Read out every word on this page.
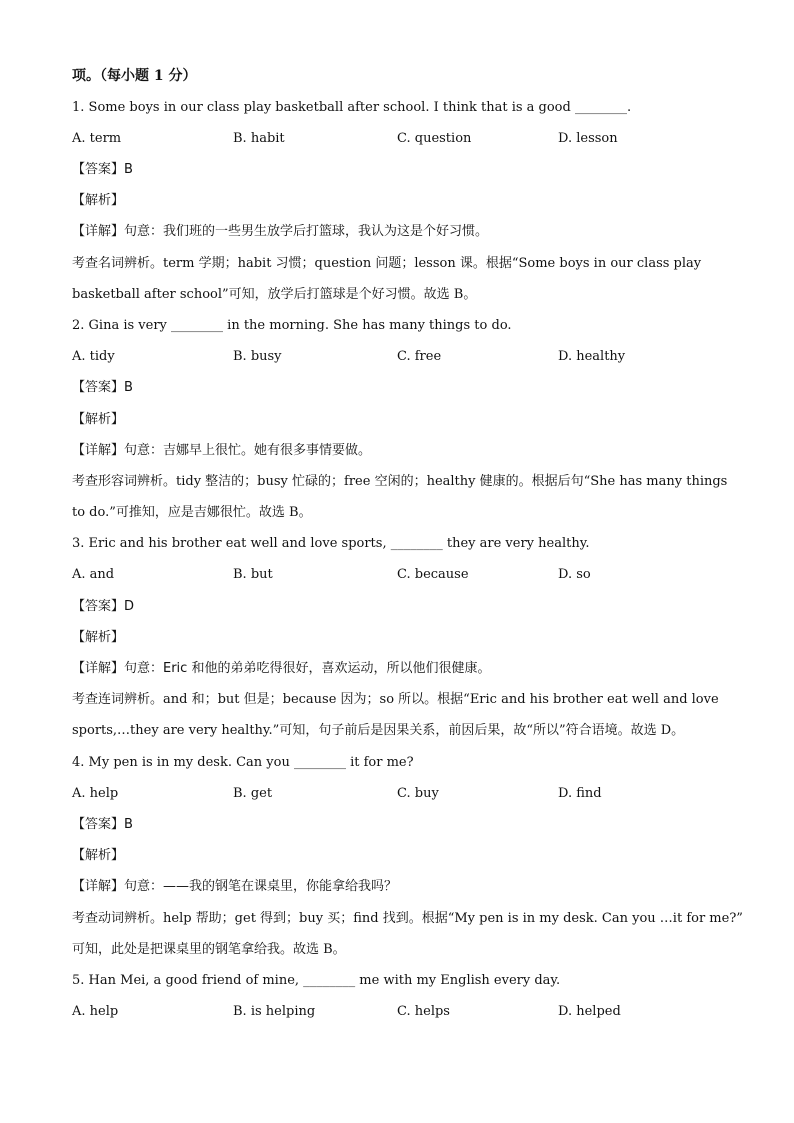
项。（每小题 1 分）
1. Some boys in our class play basketball after school. I think that is a good ________.
A. term	B. habit	C. question	D. lesson
【答案】B
【解析】
【详解】句意：我们班的一些男生放学后打篮球，我认为这是个好习惯。
考查名词辨析。term 学期；habit 习惯；question 问题；lesson 课。根据“Some boys in our class play
basketball after school”可知，放学后打篮球是个好习惯。故选 B。
2. Gina is very ________ in the morning. She has many things to do.
A. tidy	B. busy	C. free	D. healthy
【答案】B
【解析】
【详解】句意：吉娜早上很忙。她有很多事情要做。
考查形容词辨析。tidy 整洁的；busy 忙碌的；free 空闲的；healthy 健康的。根据后句“She has many things
to do.”可推知，应是吉娜很忙。故选 B。
3. Eric and his brother eat well and love sports, ________ they are very healthy.
A. and	B. but	C. because	D. so
【答案】D
【解析】
【详解】句意：Eric 和他的弟弟吃得很好，喜欢运动，所以他们很健康。
考查连词辨析。and 和；but 但是；because 因为；so 所以。根据“Eric and his brother eat well and love
sports,…they are very healthy.”可知，句子前后是因果关系，前因后果，故“所以”符合语境。故选 D。
4. My pen is in my desk. Can you ________ it for me?
A. help	B. get	C. buy	D. find
【答案】B
【解析】
【详解】句意：——我的钢笔在课桌里，你能拿给我吗？
考查动词辨析。help 帮助；get 得到；buy 买；find 找到。根据“My pen is in my desk. Can you …it for me?”
可知，此处是把课桌里的钢笔拿给我。故选 B。
5. Han Mei, a good friend of mine, ________ me with my English every day.
A. help	B. is helping	C. helps	D. helped
